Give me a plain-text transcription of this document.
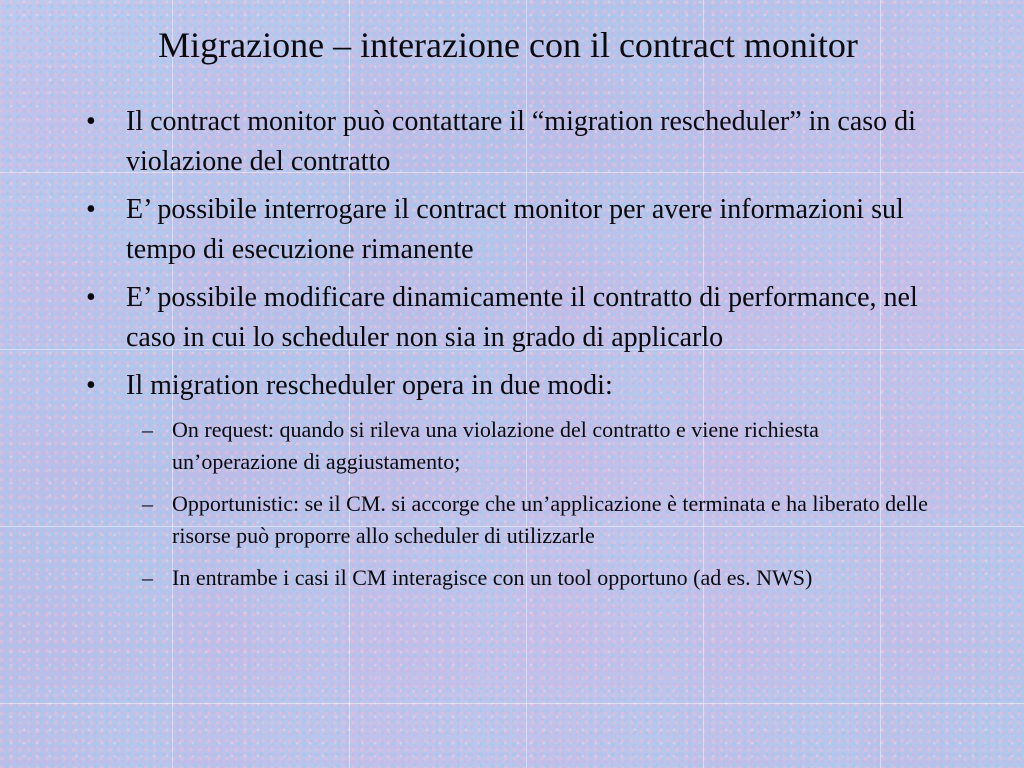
Migrazione – interazione con il contract monitor
•	Il contract monitor può contattare il “migration rescheduler” in caso di violazione del contratto
•	E’ possibile interrogare il contract monitor per avere informazioni sul tempo di esecuzione rimanente
•	E’ possibile modificare dinamicamente il contratto di performance, nel caso in cui lo scheduler non sia in grado di applicarlo
•	Il migration rescheduler opera in due modi:
– On request: quando si rileva una violazione del contratto e viene richiesta un’operazione di aggiustamento;
– Opportunistic: se il CM. si accorge che un’applicazione è terminata e ha liberato delle risorse può proporre allo scheduler di utilizzarle
– In entrambe i casi il CM interagisce con un tool opportuno (ad es. NWS)
